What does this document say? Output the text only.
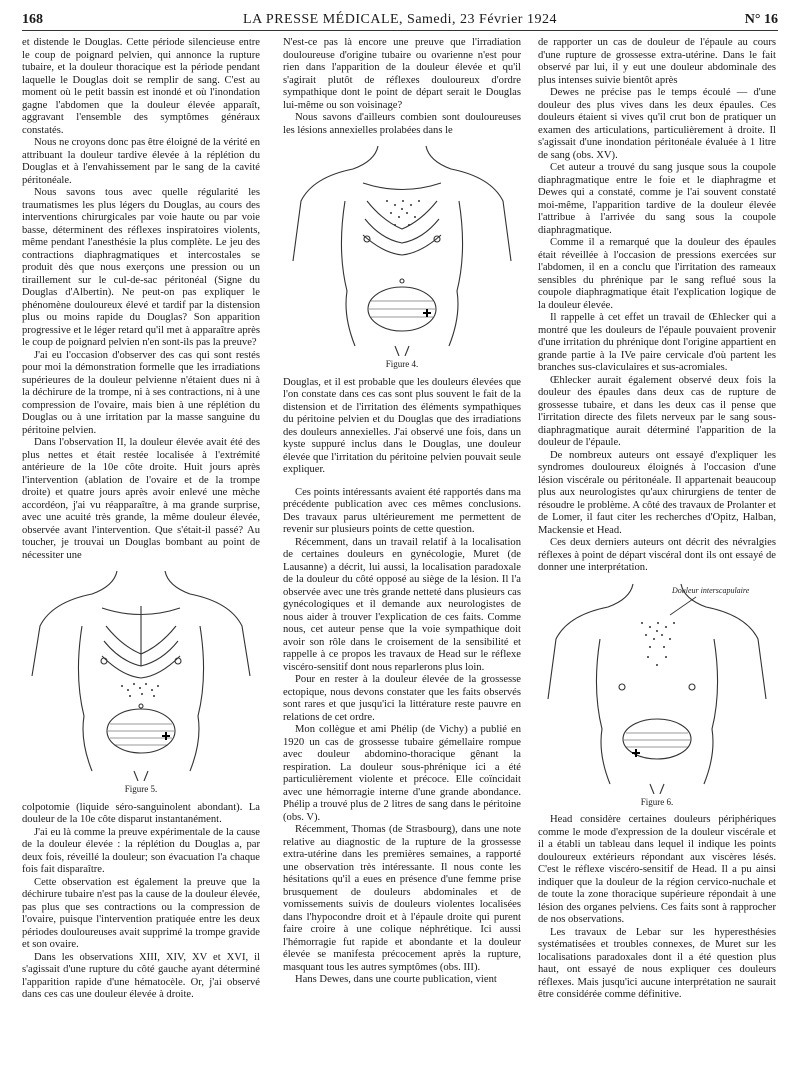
168	LA PRESSE MÉDICALE, Samedi, 23 Février 1924	N° 16

et distende le Douglas. Cette période silencieuse entre le coup de poignard pelvien, qui annonce la rupture tubaire, et la douleur thoracique est la période pendant laquelle le Douglas doit se remplir de sang. C'est au moment où le petit bassin est inondé et où l'inondation gagne l'abdomen que la douleur élevée apparaît, aggravant l'ensemble des symptômes généraux constatés.

Nous ne croyons donc pas être éloigné de la vérité en attribuant la douleur tardive élevée à la réplétion du Douglas et à l'envahissement par le sang de la cavité péritonéale.

Nous savons tous avec quelle régularité les traumatismes les plus légers du Douglas, au cours des interventions chirurgicales par voie haute ou par voie basse, déterminent des réflexes inspiratoires violents, même pendant l'anesthésie la plus complète. Le jeu des contractions diaphragmatiques et intercostales se produit dès que nous exerçons une pression ou un tiraillement sur le cul-de-sac péritonéal (Signe du Douglas d'Albertin). Ne peut-on pas expliquer le phénomène douloureux élevé et tardif par la distension plus ou moins rapide du Douglas? Son apparition progressive et le léger retard qu'il met à apparaître après le coup de poignard pelvien n'en sont-ils pas la preuve?

J'ai eu l'occasion d'observer des cas qui sont restés pour moi la démonstration formelle que les irradiations supérieures de la douleur pelvienne n'étaient dues ni à la déchirure de la trompe, ni à ses contractions, ni à une compression de l'ovaire, mais bien à une réplétion du Douglas ou à une irritation par la masse sanguine du péritoine pelvien.

Dans l'observation II, la douleur élevée avait été des plus nettes et était restée localisée à l'extrémité antérieure de la 10e côte droite. Huit jours après l'intervention (ablation de l'ovaire et de la trompe droite) et quatre jours après avoir enlevé une mèche accordéon, j'ai vu réapparaître, à ma grande surprise, avec une acuité très grande, la même douleur élevée, observée avant l'intervention. Que s'était-il passé? Au toucher, je trouvai un Douglas bombant au point de nécessiter une

Figure 5.

colpotomie (liquide séro-sanguinolent abondant). La douleur de la 10e côte disparut instantanément.

J'ai eu là comme la preuve expérimentale de la cause de la douleur élevée : la réplétion du Douglas a, par deux fois, réveillé la douleur; son évacuation l'a chaque fois fait disparaître.

Cette observation est également la preuve que la déchirure tubaire n'est pas la cause de la douleur élevée, pas plus que ses contractions ou la compression de l'ovaire, puisque l'intervention pratiquée entre les deux périodes douloureuses avait supprimé la trompe gravide et son ovaire.

Dans les observations XIII, XIV, XV et XVI, il s'agissait d'une rupture du côté gauche ayant déterminé l'apparition rapide d'une hématocèle. Or, j'ai observé dans ces cas une douleur élevée à droite.

N'est-ce pas là encore une preuve que l'irradiation douloureuse d'origine tubaire ou ovarienne n'est pour rien dans l'apparition de la douleur élevée et qu'il s'agirait plutôt de réflexes douloureux d'ordre sympathique dont le point de départ serait le Douglas lui-même ou son voisinage?

Nous savons d'ailleurs combien sont douloureuses les lésions annexielles prolabées dans le

Figure 4.

Douglas, et il est probable que les douleurs élevées que l'on constate dans ces cas sont plus souvent le fait de la distension et de l'irritation des éléments sympathiques du péritoine pelvien et du Douglas que des irradiations des douleurs annexielles. J'ai observé une fois, dans un kyste suppuré inclus dans le Douglas, une douleur élevée que l'irritation du péritoine pelvien pouvait seule expliquer.

Ces points intéressants avaient été rapportés dans ma précédente publication avec ces mêmes conclusions. Des travaux parus ultérieurement me permettent de revenir sur plusieurs points de cette question.

Récemment, dans un travail relatif à la localisation de certaines douleurs en gynécologie, Muret (de Lausanne) a décrit, lui aussi, la localisation paradoxale de la douleur du côté opposé au siège de la lésion. Il l'a observée avec une très grande netteté dans plusieurs cas gynécologiques et il demande aux neurologistes de nous aider à trouver l'explication de ces faits. Comme nous, cet auteur pense que la voie sympathique doit avoir son rôle dans le croisement de la sensibilité et rappelle à ce propos les travaux de Head sur le réflexe viscéro-sensitif dont nous reparlerons plus loin.

Pour en rester à la douleur élevée de la grossesse ectopique, nous devons constater que les faits observés sont rares et que jusqu'ici la littérature reste pauvre en relations de cet ordre.

Mon collègue et ami Phélip (de Vichy) a publié en 1920 un cas de grossesse tubaire gémellaire rompue avec douleur abdomino-thoracique gênant la respiration. La douleur sous-phrénique ici a été particulièrement violente et précoce. Elle coïncidait avec une hémorragie interne d'une grande abondance. Phélip a trouvé plus de 2 litres de sang dans le péritoine (obs. V).

Récemment, Thomas (de Strasbourg), dans une note relative au diagnostic de la rupture de la grossesse extra-utérine dans les premières semaines, a rapporté une observation très intéressante. Il nous conte les hésitations qu'il a eues en présence d'une femme prise brusquement de douleurs abdominales et de vomissements suivis de douleurs violentes localisées dans l'hypocondre droit et à l'épaule droite qui purent faire croire à une colique néphrétique. Ici aussi l'hémorragie fut rapide et abondante et la douleur élevée se manifesta précocement après la rupture, masquant tous les autres symptômes (obs. III).

Hans Dewes, dans une courte publication, vient

de rapporter un cas de douleur de l'épaule au cours d'une rupture de grossesse extra-utérine. Dans le fait observé par lui, il y eut une douleur abdominale des plus intenses suivie bientôt après

Dewes ne précise pas le temps écoulé — d'une douleur des plus vives dans les deux épaules. Ces douleurs étaient si vives qu'il crut bon de pratiquer un examen des articulations, particulièrement à droite. Il s'agissait d'une inondation péritonéale évaluée à 1 litre de sang (obs. XV).

Cet auteur a trouvé du sang jusque sous la coupole diaphragmatique entre le foie et le diaphragme et Dewes qui a constaté, comme je l'ai souvent constaté moi-même, l'apparition tardive de la douleur élevée l'attribue à l'arrivée du sang sous la coupole diaphragmatique.

Comme il a remarqué que la douleur des épaules était réveillée à l'occasion de pressions exercées sur l'abdomen, il en a conclu que l'irritation des rameaux sensibles du phrénique par le sang reflué sous la coupole diaphragmatique était l'explication logique de la douleur élevée.

Il rappelle à cet effet un travail de Œhlecker qui a montré que les douleurs de l'épaule pouvaient provenir d'une irritation du phrénique dont l'origine appartient en grande partie à la IVe paire cervicale d'où partent les branches sus-claviculaires et sus-acromiales.

Œhlecker aurait également observé deux fois la douleur des épaules dans deux cas de rupture de grossesse tubaire, et dans les deux cas il pense que l'irritation directe des filets nerveux par le sang sous-diaphragmatique aurait déterminé l'apparition de la douleur de l'épaule.

De nombreux auteurs ont essayé d'expliquer les syndromes douloureux éloignés à l'occasion d'une lésion viscérale ou péritonéale. Il appartenait beaucoup plus aux neurologistes qu'aux chirurgiens de tenter de résoudre le problème. A côté des travaux de Prolanter et de Lomer, il faut citer les recherches d'Opitz, Halban, Mackensie et Head.

Ces deux derniers auteurs ont décrit des névralgies réflexes à point de départ viscéral dont ils ont essayé de donner une interprétation.

Douleur interscapulaire
Figure 6.

Head considère certaines douleurs périphériques comme le mode d'expression de la douleur viscérale et il a établi un tableau dans lequel il indique les points douloureux extérieurs répondant aux viscères lésés. C'est le réflexe viscéro-sensitif de Head. Il a pu ainsi indiquer que la douleur de la région cervico-nuchale et de toute la zone thoracique supérieure répondait à une lésion des organes pelviens. Ces faits sont à rapprocher de nos observations.

Les travaux de Lebar sur les hyperesthésies systématisées et troubles connexes, de Muret sur les localisations paradoxales dont il a été question plus haut, ont essayé de nous expliquer ces douleurs réflexes. Mais jusqu'ici aucune interprétation ne saurait être considérée comme définitive.
